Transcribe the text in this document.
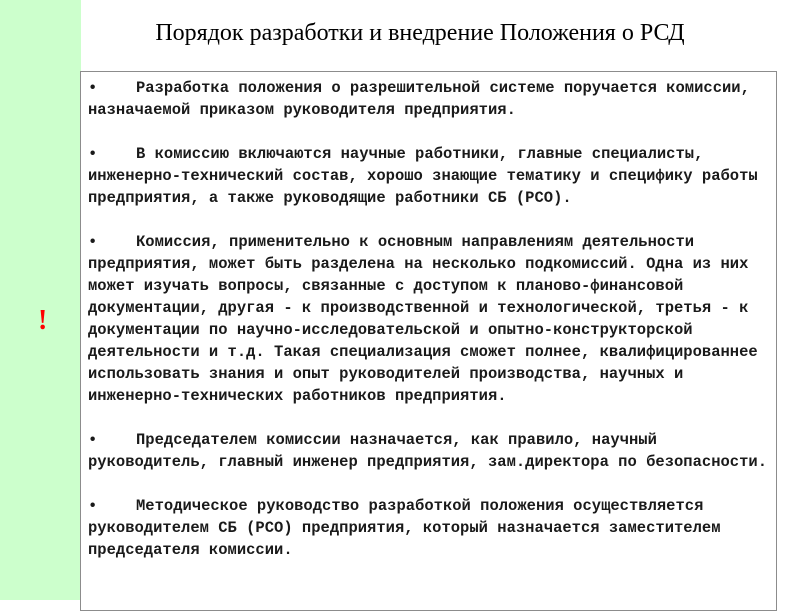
Порядок разработки и внедрение Положения о РСД
!

• Разработка положения о разрешительной системе поручается комиссии, назначаемой приказом руководителя предприятия.

• В комиссию включаются научные работники, главные специалисты, инженерно-технический состав, хорошо знающие тематику и специфику работы предприятия, а также руководящие работники СБ (РСО).

• Комиссия, применительно к основным направлениям деятельности предприятия, может быть разделена на несколько подкомиссий. Одна из них может изучать вопросы, связанные с доступом к планово-финансовой документации, другая - к производственной и технологической, третья - к документации по научно-исследовательской и опытно-конструкторской деятельности и т.д. Такая специализация сможет полнее, квалифицированнее использовать знания и опыт руководителей производства, научных и инженерно-технических работников предприятия.

• Председателем комиссии назначается, как правило, научный руководитель, главный инженер предприятия, зам.директора по безопасности.

• Методическое руководство разработкой положения осуществляется руководителем СБ (РСО) предприятия, который назначается заместителем председателя комиссии.
